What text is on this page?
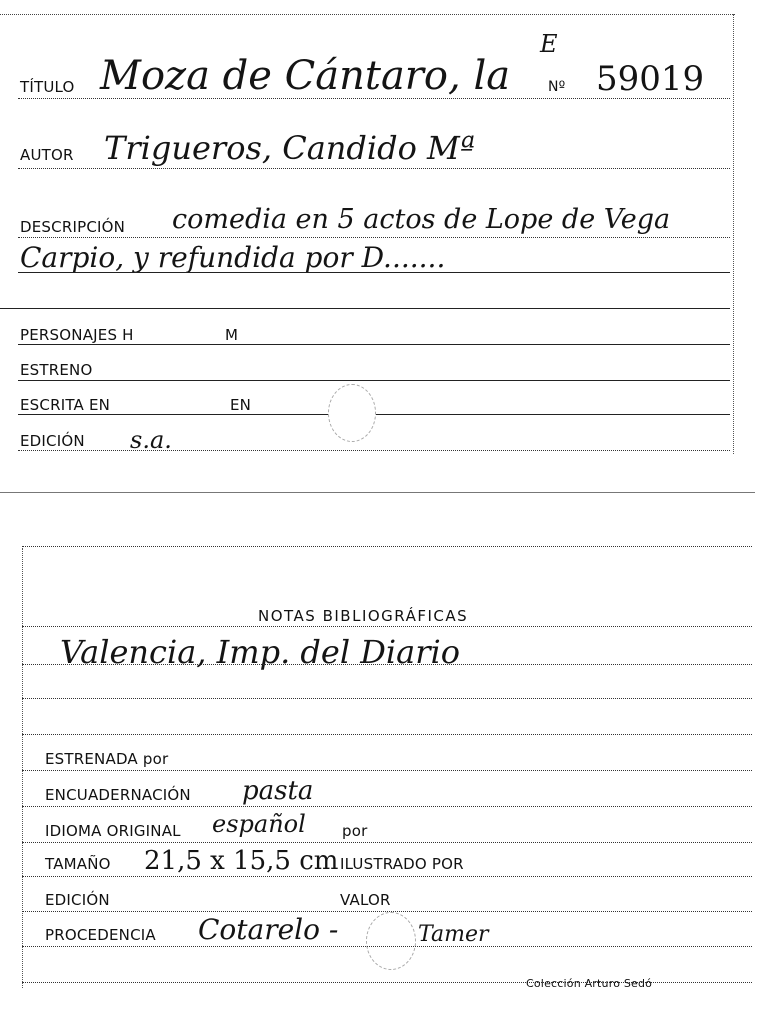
TÍTULO Moza de Cántaro, la
E
Nº 59019
AUTOR Trigueros, Candido Mª
DESCRIPCIÓN comedia en 5 actos de Lope de Vega
Carpio, y refundida por D.......
PERSONAJES H	M
ESTRENO
ESCRITA EN	EN
EDICIÓN s.a.
NOTAS BIBLIOGRÁFICAS
Valencia, Imp. del Diario
ESTRENADA por
ENCUADERNACIÓN pasta
IDIOMA ORIGINAL español por
TAMAÑO 21,5 x 15,5 cm ILUSTRADO POR
EDICIÓN	VALOR
PROCEDENCIA Cotarelo -	Tamer
Colección Arturo Sedó
